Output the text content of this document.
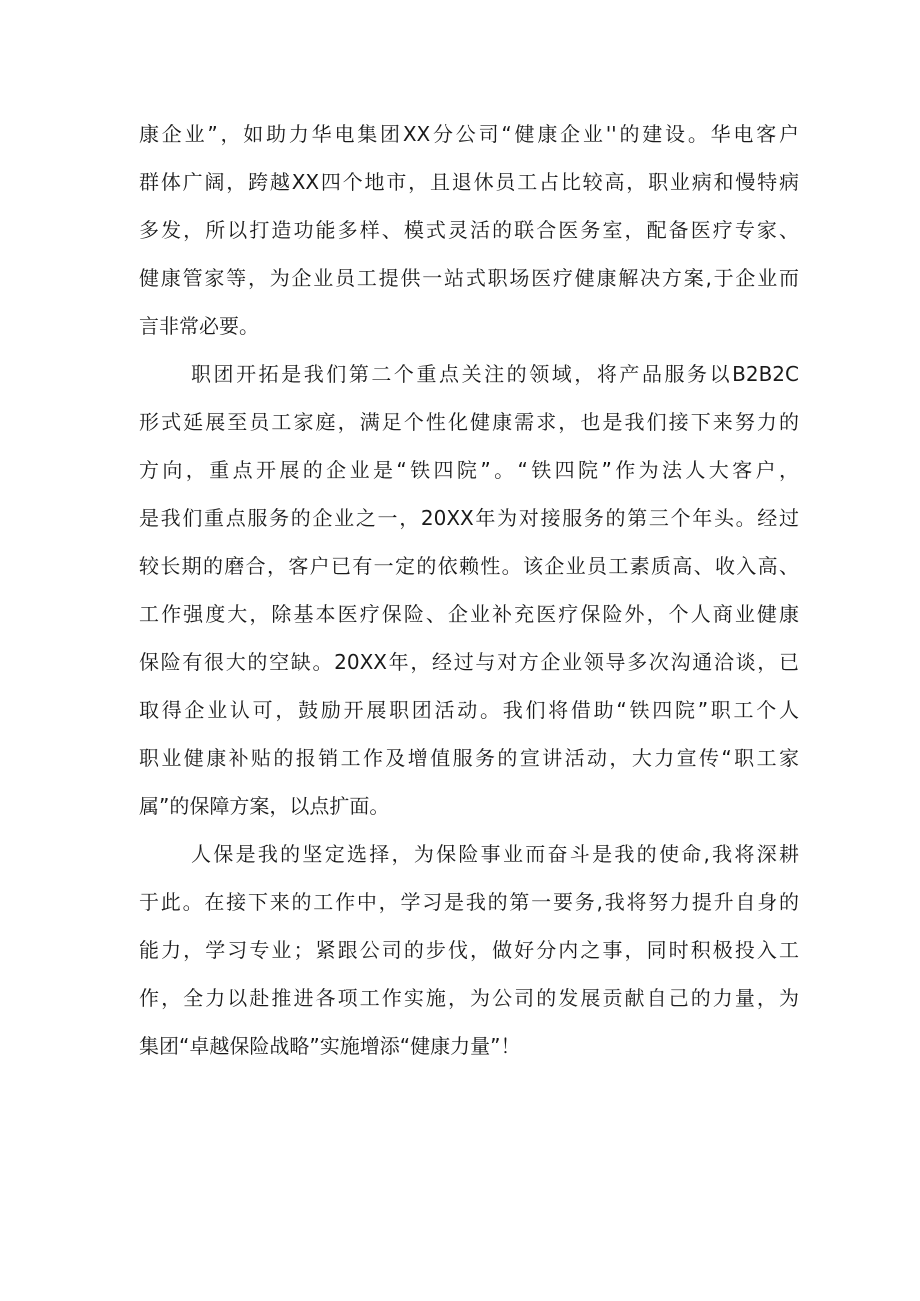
康企业”，如助力华电集团XX分公司“健康企业''的建设。华电客户
群体广阔，跨越XX四个地市，且退休员工占比较高，职业病和慢特病
多发，所以打造功能多样、模式灵活的联合医务室，配备医疗专家、
健康管家等，为企业员工提供一站式职场医疗健康解决方案,于企业而
言非常必要。
职团开拓是我们第二个重点关注的领域，将产品服务以B2B2C
形式延展至员工家庭，满足个性化健康需求，也是我们接下来努力的
方向，重点开展的企业是“铁四院”。“铁四院”作为法人大客户，
是我们重点服务的企业之一，20XX年为对接服务的第三个年头。经过
较长期的磨合，客户已有一定的依赖性。该企业员工素质高、收入高、
工作强度大，除基本医疗保险、企业补充医疗保险外，个人商业健康
保险有很大的空缺。20XX年，经过与对方企业领导多次沟通洽谈，已
取得企业认可，鼓励开展职团活动。我们将借助“铁四院”职工个人
职业健康补贴的报销工作及增值服务的宣讲活动，大力宣传“职工家
属”的保障方案，以点扩面。
人保是我的坚定选择，为保险事业而奋斗是我的使命,我将深耕
于此。在接下来的工作中，学习是我的第一要务,我将努力提升自身的
能力，学习专业；紧跟公司的步伐，做好分内之事，同时积极投入工
作，全力以赴推进各项工作实施，为公司的发展贡献自己的力量，为
集团“卓越保险战略”实施增添“健康力量”！
